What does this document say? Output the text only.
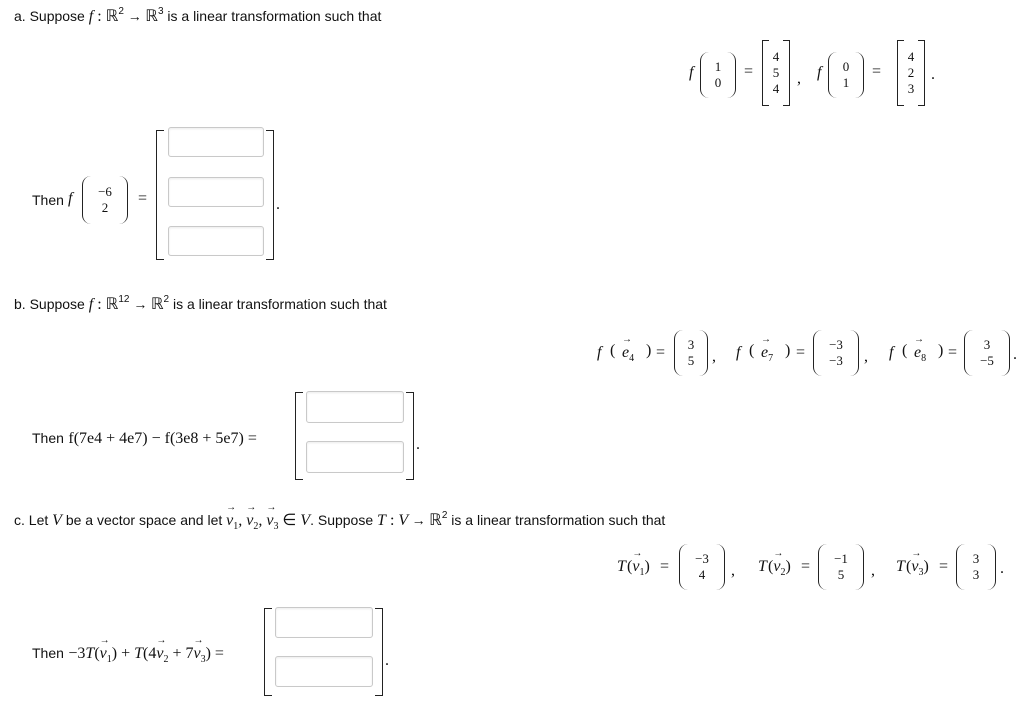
a. Suppose f : ℝ$^2$ → ℝ$^3$ is a linear transformation such that
f 1
0
=
4
5
4
, f 0
1
=
4
2
3
.
Then f −6
2
=	.
b. Suppose f : ℝ$^{12}$ → ℝ$^2$ is a linear transformation such that
f ( → $e_4$ ) = 3
5 , f ( → $e_7$ ) = −3
−3 , f ( → $e_8$ ) = 3
−5 .
Then f(7e4 + 4e7) − f(3e8 + 5e7) =	.
c. Let V be a vector space and let → $v_1$, → $v_2$, → $v_3$ ∈ V. Suppose T : V → ℝ$^2$ is a linear transformation such that
T (→ $v_1) = -3$
4 , T (→ $v_2) = -1$
5 , T (→ $v_3) = 3$
3 .
Then $-3T(\to v_1) + T(4\to v_2 + 7\to v_3)$ =	.
